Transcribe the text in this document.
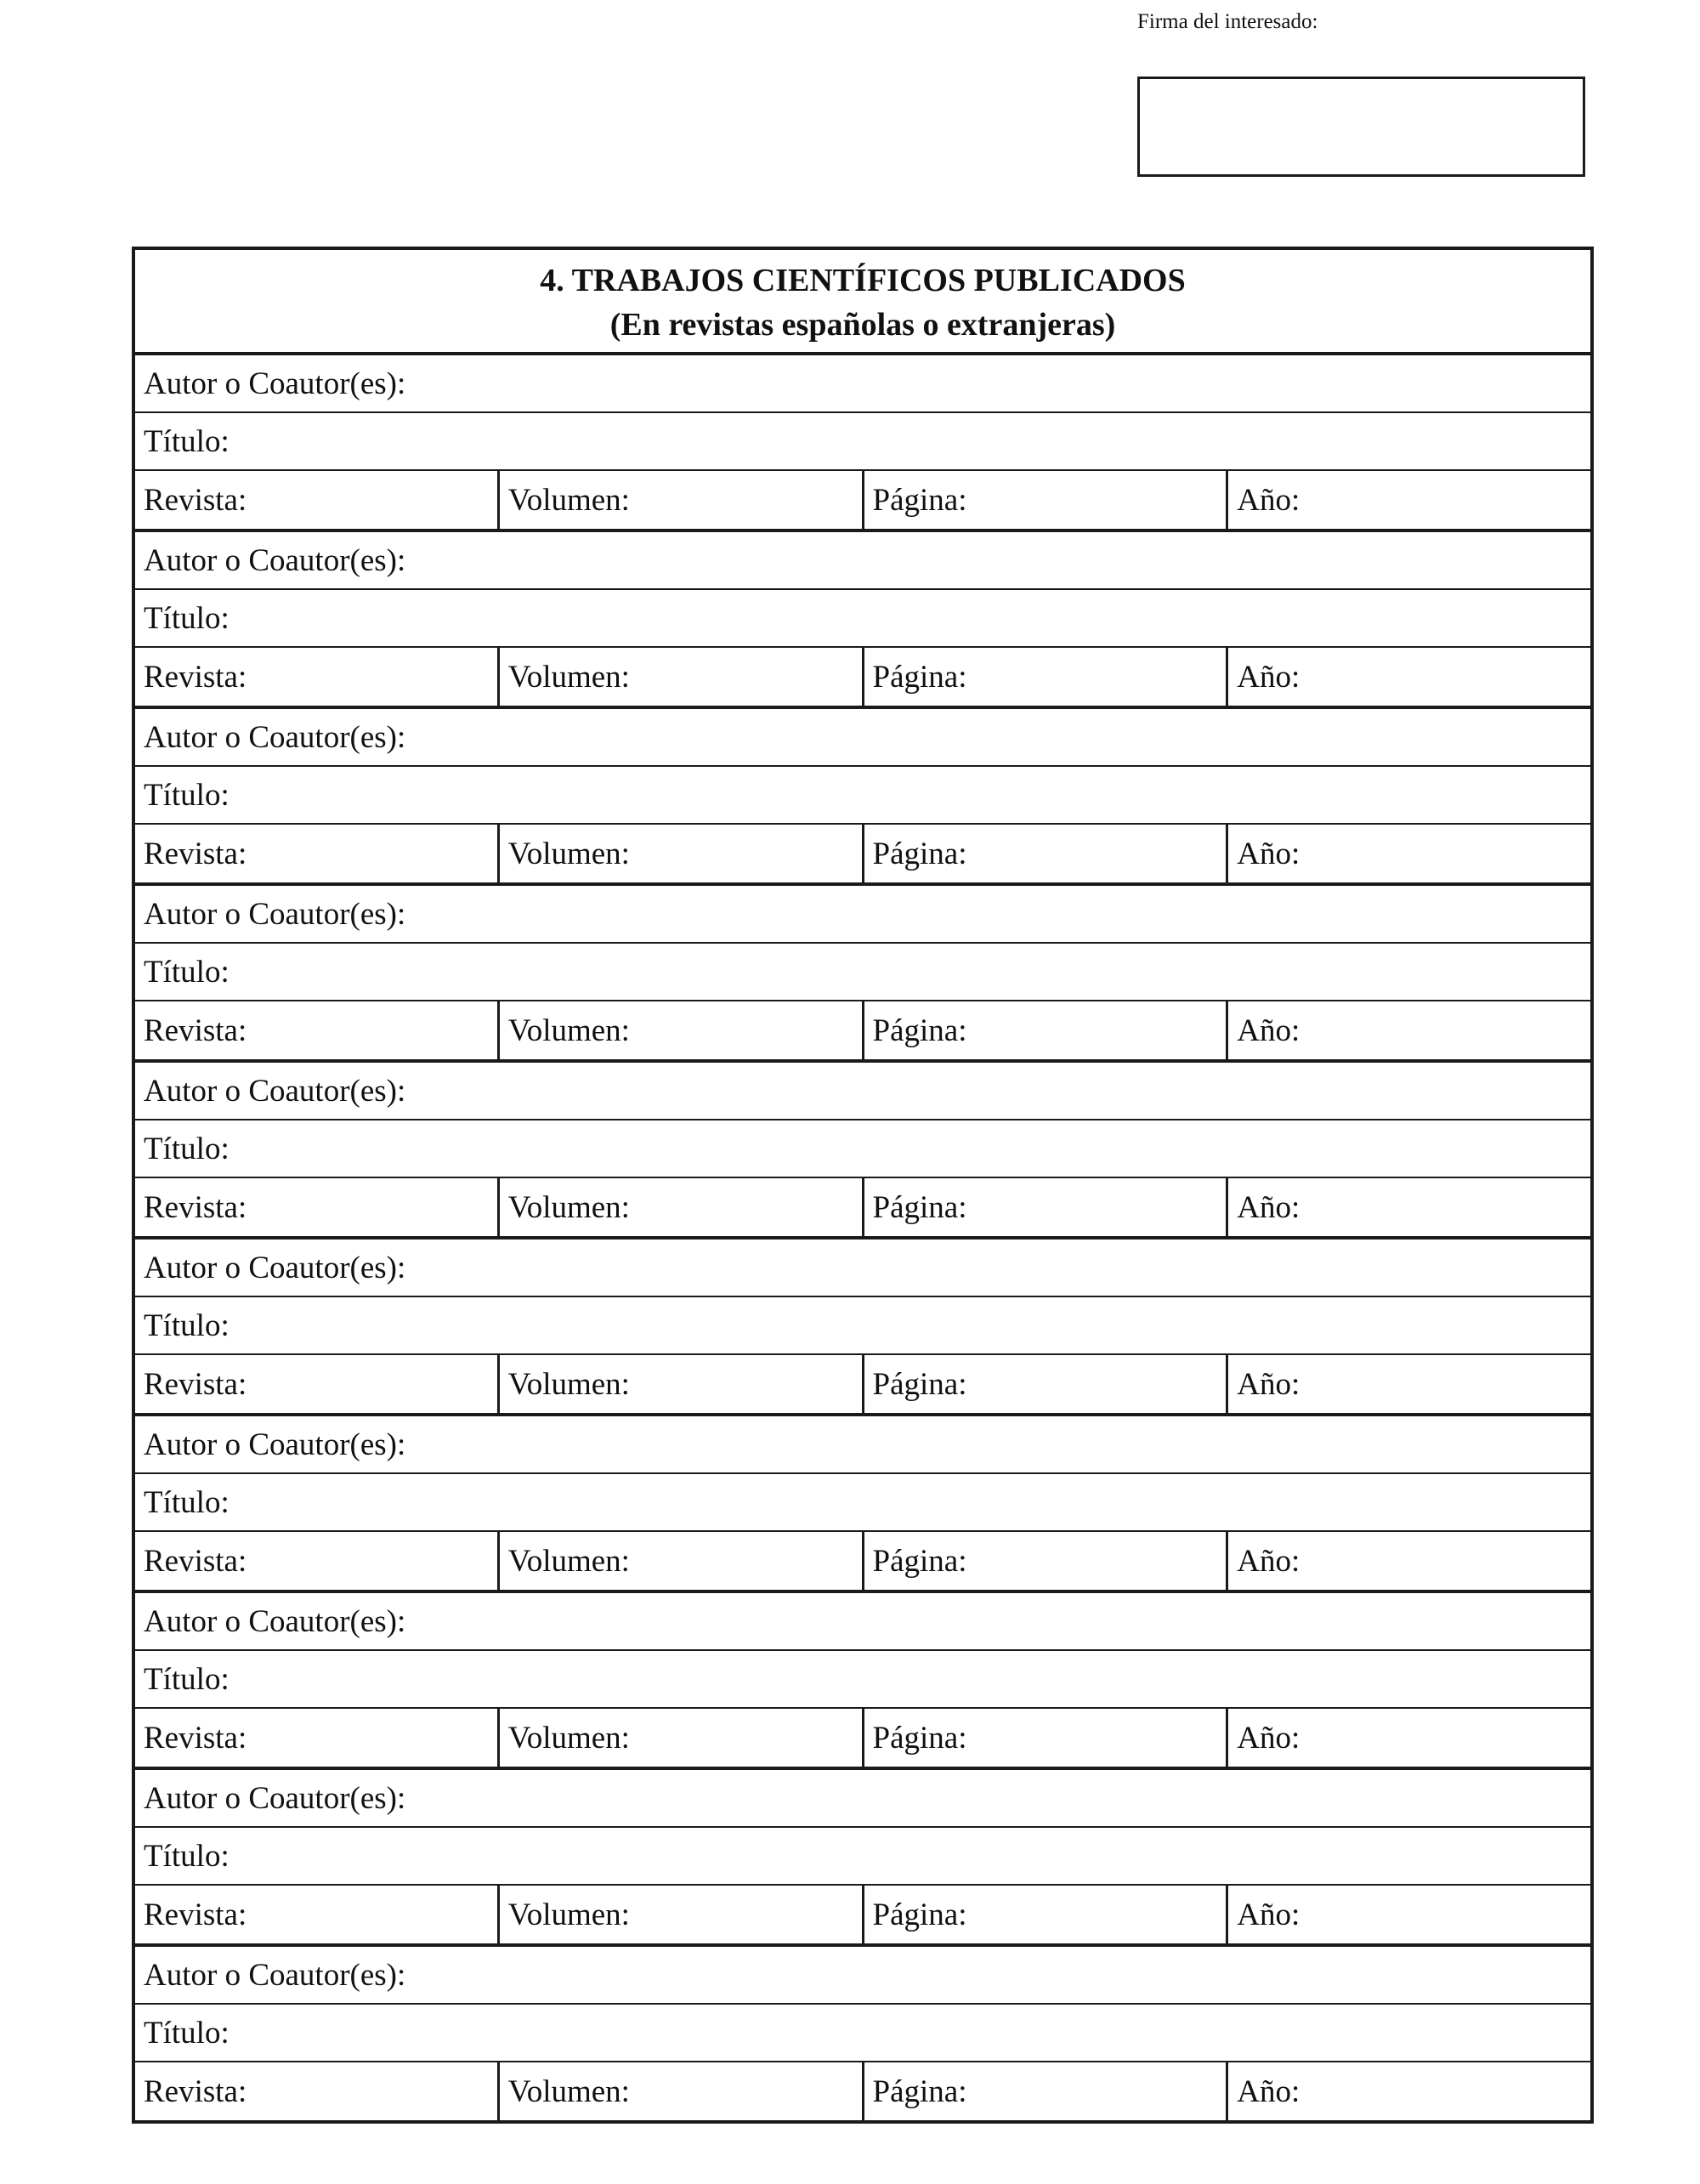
Firma del interesado:
4. TRABAJOS CIENTÍFICOS PUBLICADOS
(En revistas españolas o extranjeras)
Autor o Coautor(es):
Título:
Revista:	Volumen:	Página:	Año:
Autor o Coautor(es):
Título:
Revista:	Volumen:	Página:	Año:
Autor o Coautor(es):
Título:
Revista:	Volumen:	Página:	Año:
Autor o Coautor(es):
Título:
Revista:	Volumen:	Página:	Año:
Autor o Coautor(es):
Título:
Revista:	Volumen:	Página:	Año:
Autor o Coautor(es):
Título:
Revista:	Volumen:	Página:	Año:
Autor o Coautor(es):
Título:
Revista:	Volumen:	Página:	Año:
Autor o Coautor(es):
Título:
Revista:	Volumen:	Página:	Año:
Autor o Coautor(es):
Título:
Revista:	Volumen:	Página:	Año:
Autor o Coautor(es):
Título:
Revista:	Volumen:	Página:	Año:
